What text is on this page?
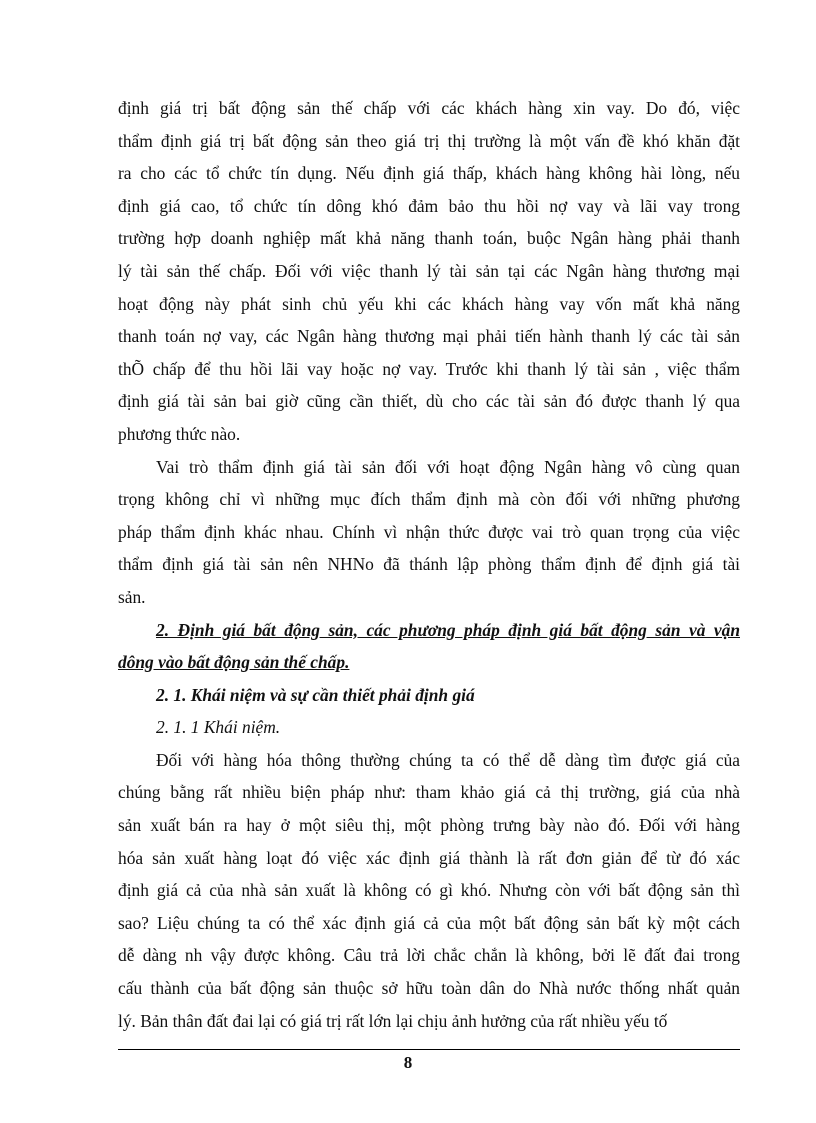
định giá trị bất động sản thế chấp với các khách hàng xin vay. Do đó, việc
thẩm định giá trị bất động sản theo giá trị thị trường là một vấn đề khó khăn đặt
ra cho các tổ chức tín dụng. Nếu định giá thấp, khách hàng không hài lòng, nếu
định giá cao, tổ chức tín dông khó đảm bảo thu hồi nợ vay và lãi vay trong
trường hợp doanh nghiệp mất khả năng thanh toán, buộc Ngân hàng phải thanh
lý tài sản thế chấp. Đối với việc thanh lý tài sản tại các Ngân hàng thương mại
hoạt động này phát sinh chủ yếu khi các khách hàng vay vốn mất khả năng
thanh toán nợ vay, các Ngân hàng thương mại phải tiến hành thanh lý các tài sản
thÕ chấp để thu hồi lãi vay hoặc nợ vay. Trước khi thanh lý tài sản , việc thẩm
định giá tài sản bai giờ cũng cần thiết, dù cho các tài sản đó được thanh lý qua
phương thức nào.
Vai trò thẩm định giá tài sản đối với hoạt động Ngân hàng vô cùng quan
trọng không chỉ vì những mục đích thẩm định mà còn đối với những phương
pháp thẩm định khác nhau. Chính vì nhận thức được vai trò quan trọng của việc
thẩm định giá tài sản nên NHNo đã thánh lập phòng thẩm định để định giá tài
sản.
2. Định giá bất động sản, các phương pháp định giá bất động sản và vận
dông vào bất động sản thế chấp.
2. 1. Khái niệm và sự cần thiết phải định giá
2. 1. 1 Khái niệm.
Đối với hàng hóa thông thường chúng ta có thể dễ dàng tìm được giá của
chúng bằng rất nhiều biện pháp như: tham khảo giá cả thị trường, giá của nhà
sản xuất bán ra hay ở một siêu thị, một phòng trưng bày nào đó. Đối với hàng
hóa sản xuất hàng loạt đó việc xác định giá thành là rất đơn giản để từ đó xác
định giá cả của nhà sản xuất là không có gì khó. Nhưng còn với bất động sản thì
sao? Liệu chúng ta có thể xác định giá cả của một bất động sản bất kỳ một cách
dễ dàng nh vậy được không. Câu trả lời chắc chắn là không, bởi lẽ đất đai trong
cấu thành của bất động sản thuộc sở hữu toàn dân do Nhà nước thống nhất quản
lý. Bản thân đất đai lại có giá trị rất lớn lại chịu ảnh hưởng của rất nhiều yếu tố
8
